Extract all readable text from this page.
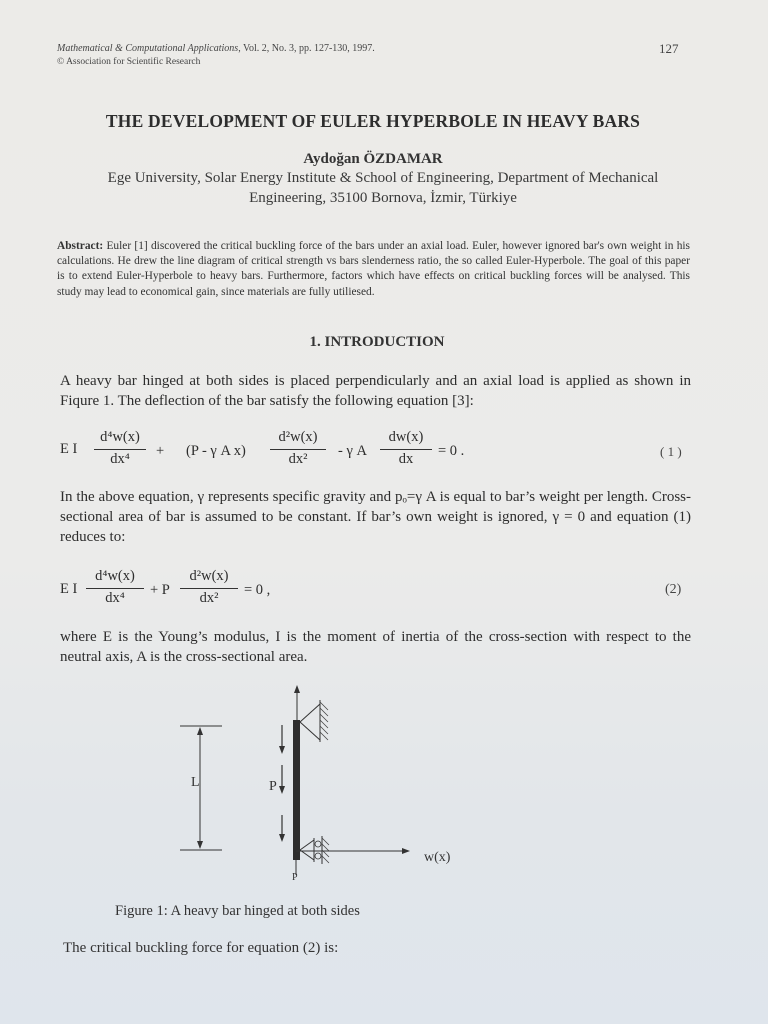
Mathematical & Computational Applications, Vol. 2, No. 3, pp. 127-130, 1997.
© Association for Scientific Research
127
THE DEVELOPMENT OF EULER HYPERBOLE IN HEAVY BARS
Aydoğan ÖZDAMAR
Ege University, Solar Energy Institute & School of Engineering, Department of Mechanical
Engineering, 35100 Bornova, İzmir, Türkiye
Abstract: Euler [1] discovered the critical buckling force of the bars under an axial load. Euler, however ignored bar's own weight in his calculations. He drew the line diagram of critical strength vs bars slenderness ratio, the so called Euler-Hyperbole. The goal of this paper is to extend Euler-Hyperbole to heavy bars. Furthermore, factors which have effects on critical buckling forces will be analysed. This study may lead to economical gain, since materials are fully utiliesed.
1. INTRODUCTION
A heavy bar hinged at both sides is placed perpendicularly and an axial load is applied as shown in Fiqure 1. The deflection of the bar satisfy the following equation [3]:
E I
d⁴w(x)
dx⁴	+ (P - γ A x)
d²w(x)
dx²	- γ A
dw(x)
dx	= 0 .	( 1 )
In the above equation, γ represents specific gravity and pₒ=γ A is equal to bar’s weight per length. Cross-sectional area of bar is assumed to be constant. If bar’s own weight is ignored, γ = 0 and equation (1) reduces to:
E I
d⁴w(x)
dx⁴	+ P
d²w(x)
dx²	= 0 ,	(2)
where E is the Young’s modulus, I is the moment of inertia of the cross-section with respect to the neutral axis, A is the cross-sectional area.
L	P
w(x)
P
Figure 1: A heavy bar hinged at both sides
The critical buckling force for equation (2) is:
